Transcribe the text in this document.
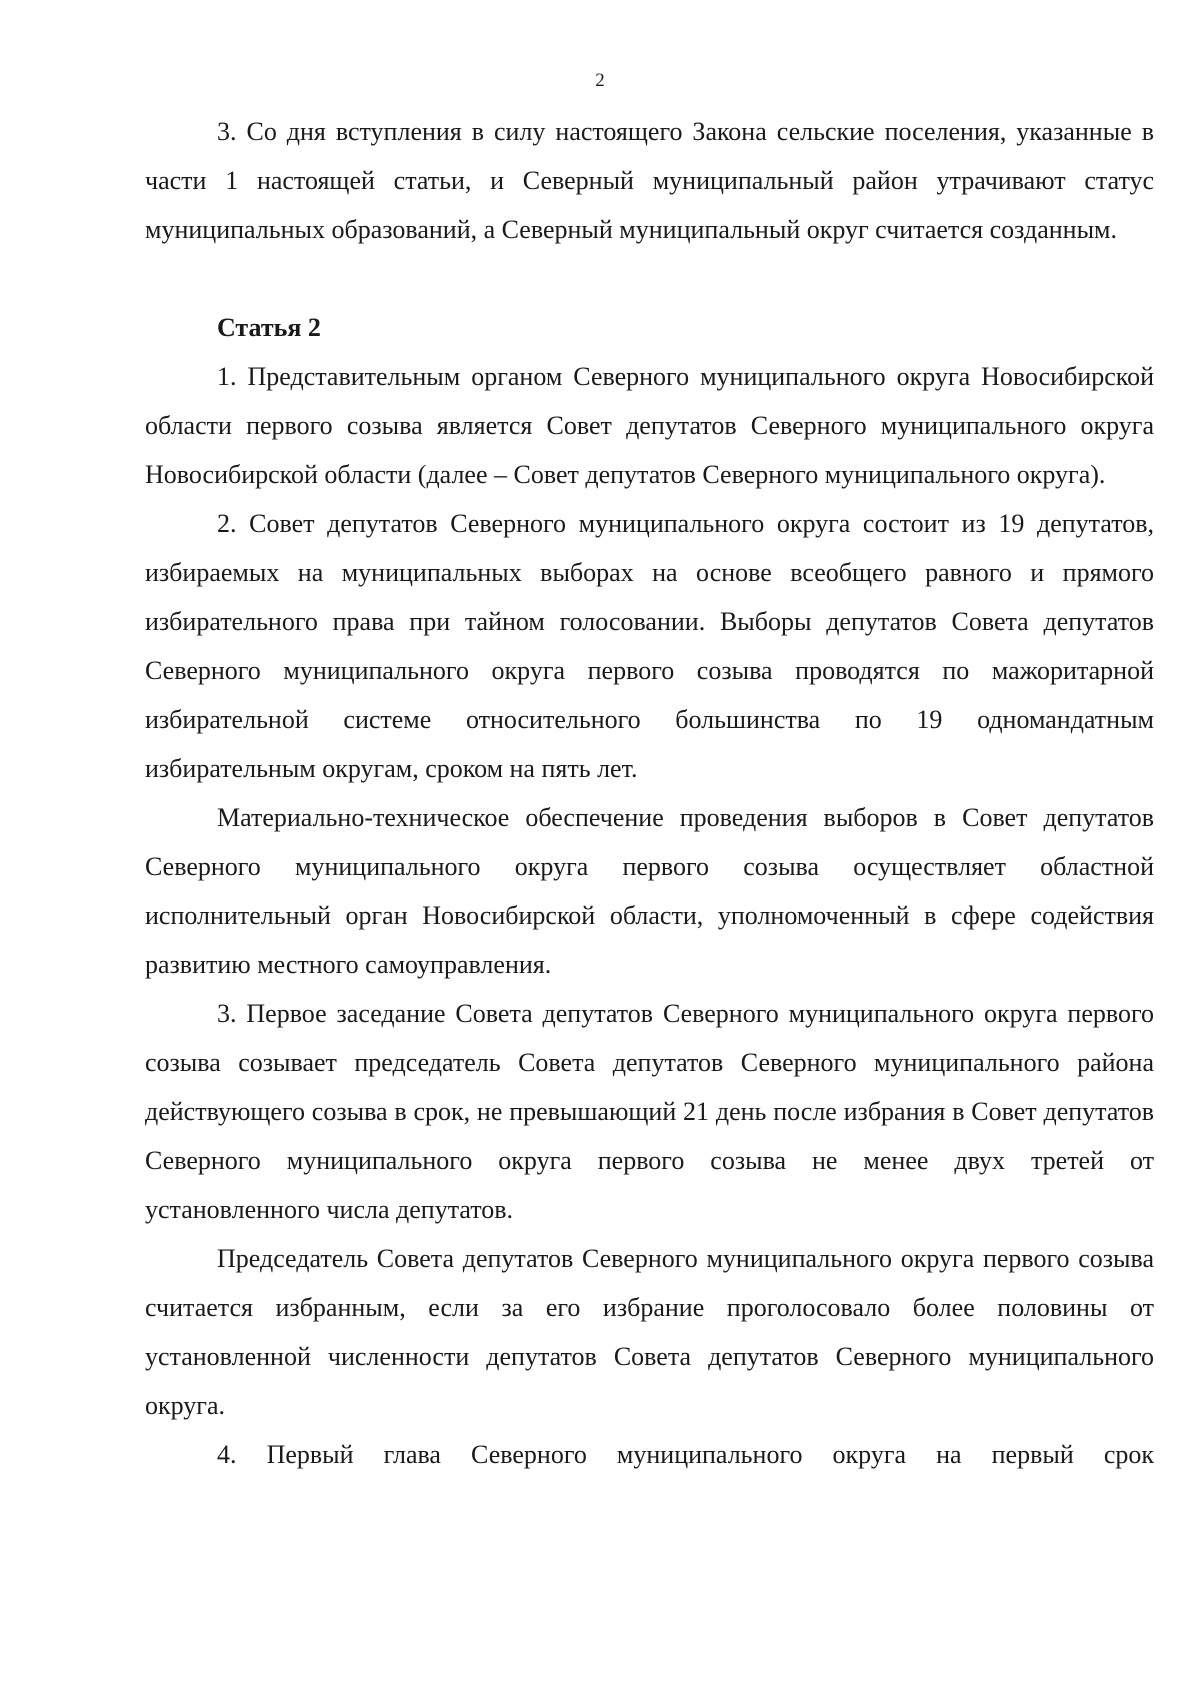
2

3. Со дня вступления в силу настоящего Закона сельские поселения, указанные в части 1 настоящей статьи, и Северный муниципальный район утрачивают статус муниципальных образований, а Северный муниципальный округ считается созданным.

Статья 2

1. Представительным органом Северного муниципального округа Новосибирской области первого созыва является Совет депутатов Северного муниципального округа Новосибирской области (далее – Совет депутатов Северного муниципального округа).

2. Совет депутатов Северного муниципального округа состоит из 19 депутатов, избираемых на муниципальных выборах на основе всеобщего равного и прямого избирательного права при тайном голосовании. Выборы депутатов Совета депутатов Северного муниципального округа первого созыва проводятся по мажоритарной избирательной системе относительного большинства по 19 одномандатным избирательным округам, сроком на пять лет.

Материально-техническое обеспечение проведения выборов в Совет депутатов Северного муниципального округа первого созыва осуществляет областной исполнительный орган Новосибирской области, уполномоченный в сфере содействия развитию местного самоуправления.

3. Первое заседание Совета депутатов Северного муниципального округа первого созыва созывает председатель Совета депутатов Северного муниципального района действующего созыва в срок, не превышающий 21 день после избрания в Совет депутатов Северного муниципального округа первого созыва не менее двух третей от установленного числа депутатов.

Председатель Совета депутатов Северного муниципального округа первого созыва считается избранным, если за его избрание проголосовало более половины от установленной численности депутатов Совета депутатов Северного муниципального округа.

4. Первый глава Северного муниципального округа на первый срок
